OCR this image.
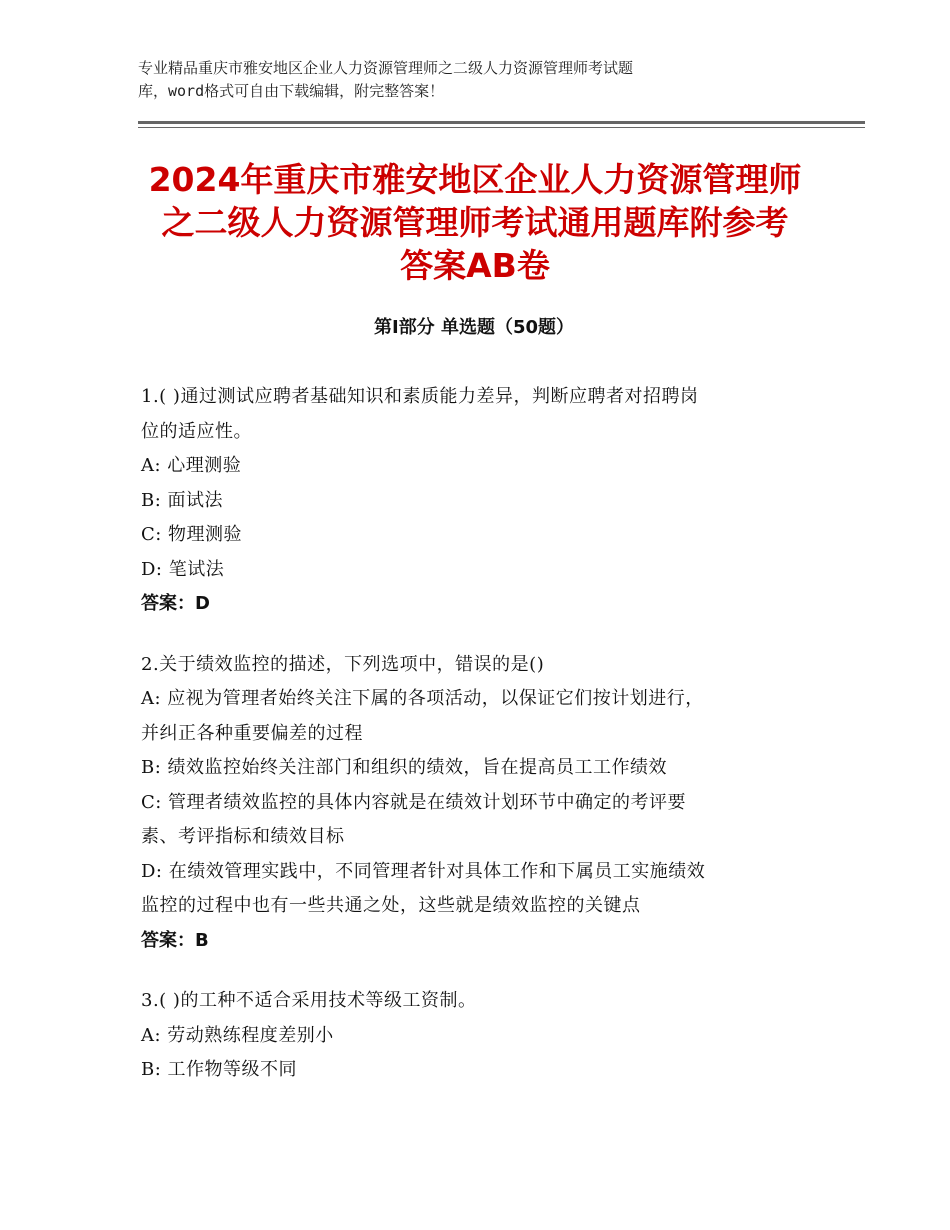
专业精品重庆市雅安地区企业人力资源管理师之二级人力资源管理师考试题
库，word格式可自由下载编辑，附完整答案！
2024年重庆市雅安地区企业人力资源管理师
之二级人力资源管理师考试通用题库附参考
答案AB卷
第Ⅰ部分 单选题（50题）
1.( )通过测试应聘者基础知识和素质能力差异，判断应聘者对招聘岗
位的适应性。
A: 心理测验
B: 面试法
C: 物理测验
D: 笔试法
答案：D
2.关于绩效监控的描述，下列选项中，错误的是()
A: 应视为管理者始终关注下属的各项活动，以保证它们按计划进行，
并纠正各种重要偏差的过程
B: 绩效监控始终关注部门和组织的绩效，旨在提高员工工作绩效
C: 管理者绩效监控的具体内容就是在绩效计划环节中确定的考评要
素、考评指标和绩效目标
D: 在绩效管理实践中，不同管理者针对具体工作和下属员工实施绩效
监控的过程中也有一些共通之处，这些就是绩效监控的关键点
答案：B
3.( )的工种不适合采用技术等级工资制。
A: 劳动熟练程度差别小
B: 工作物等级不同
